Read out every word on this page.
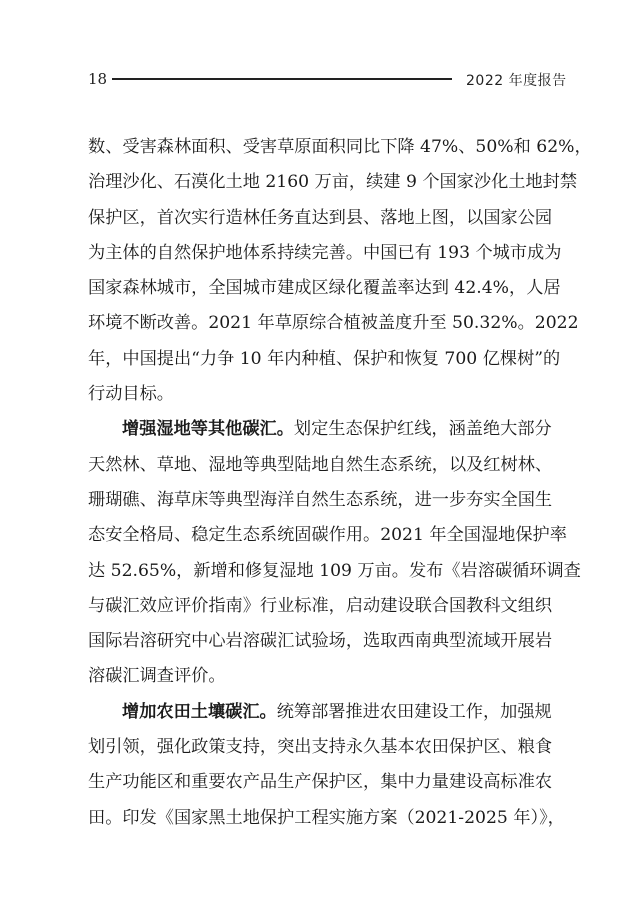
18	2022 年度报告
数、受害森林面积、受害草原面积同比下降 47%、50%和 62%，
治理沙化、石漠化土地 2160 万亩，续建 9 个国家沙化土地封禁
保护区，首次实行造林任务直达到县、落地上图，以国家公园
为主体的自然保护地体系持续完善。中国已有 193 个城市成为
国家森林城市，全国城市建成区绿化覆盖率达到 42.4%，人居
环境不断改善。2021 年草原综合植被盖度升至 50.32%。2022
年，中国提出“力争 10 年内种植、保护和恢复 700 亿棵树”的
行动目标。
增强湿地等其他碳汇。划定生态保护红线，涵盖绝大部分
天然林、草地、湿地等典型陆地自然生态系统，以及红树林、
珊瑚礁、海草床等典型海洋自然生态系统，进一步夯实全国生
态安全格局、稳定生态系统固碳作用。2021 年全国湿地保护率
达 52.65%，新增和修复湿地 109 万亩。发布《岩溶碳循环调查
与碳汇效应评价指南》行业标准，启动建设联合国教科文组织
国际岩溶研究中心岩溶碳汇试验场，选取西南典型流域开展岩
溶碳汇调查评价。
增加农田土壤碳汇。统筹部署推进农田建设工作，加强规
划引领，强化政策支持，突出支持永久基本农田保护区、粮食
生产功能区和重要农产品生产保护区，集中力量建设高标准农
田。印发《国家黑土地保护工程实施方案（2021-2025 年）》，
